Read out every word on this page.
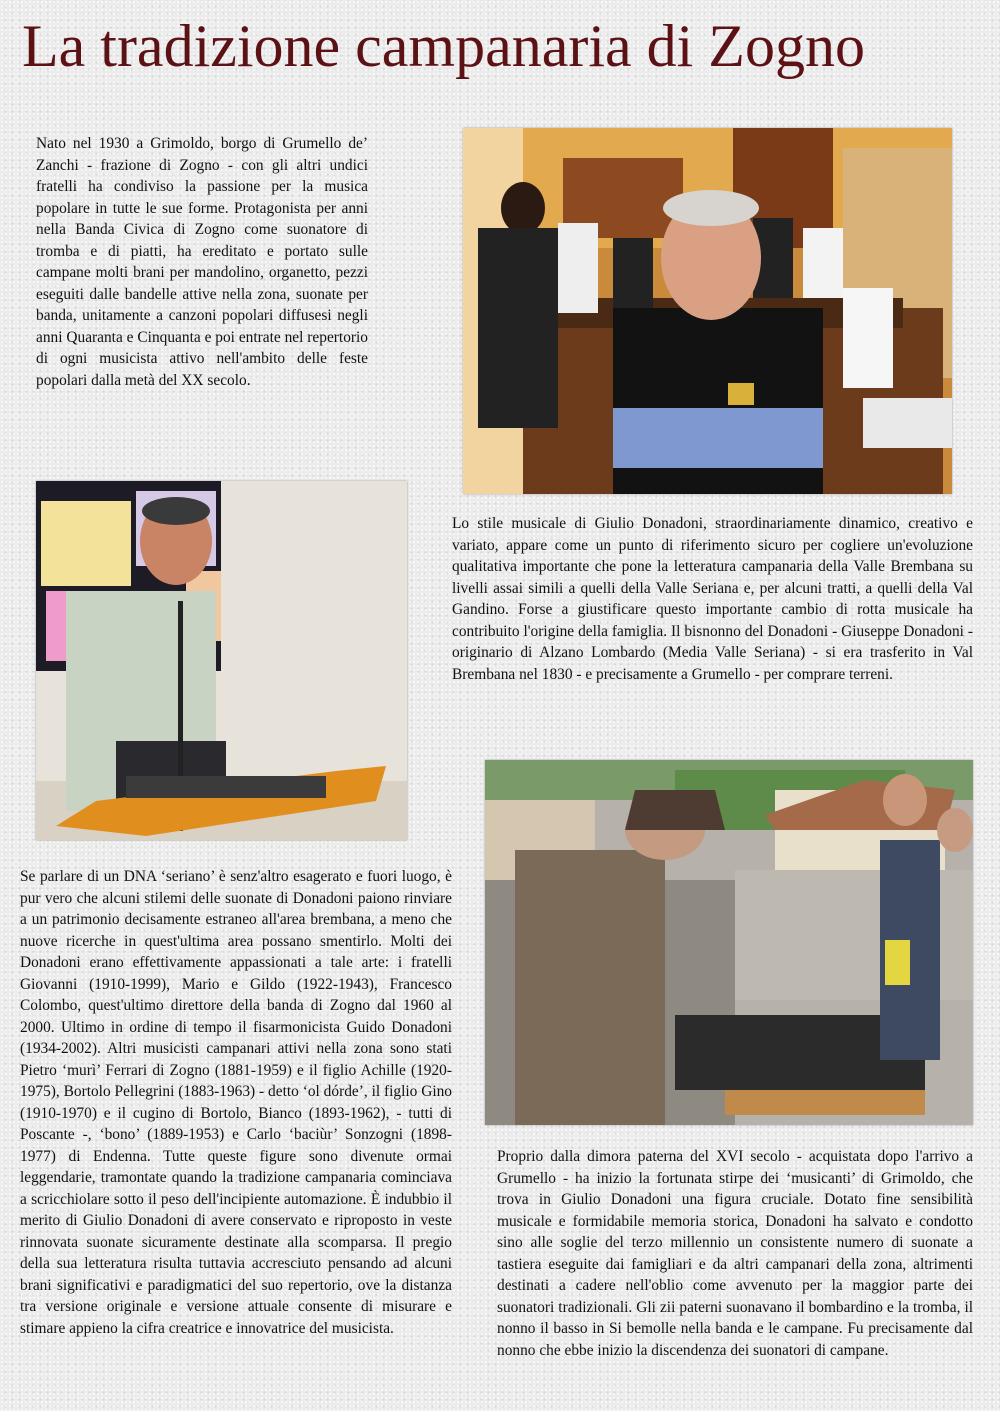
La tradizione campanaria di Zogno
Nato nel 1930 a Grimoldo, borgo di Grumello de’ Zanchi - frazione di Zogno - con gli altri undici fratelli ha condiviso la passione per la musica popolare in tutte le sue forme. Protagonista per anni nella Banda Civica di Zogno come suonatore di tromba e di piatti, ha ereditato e portato sulle campane molti brani per mandolino, organetto, pezzi eseguiti dalle bandelle attive nella zona, suonate per banda, unitamente a canzoni popolari diffusesi negli anni Quaranta e Cinquanta e poi entrate nel repertorio di ogni musicista attivo nell'ambito delle feste popolari dalla metà del XX secolo.
Lo stile musicale di Giulio Donadoni, straordinariamente dinamico, creativo e variato, appare come un punto di riferimento sicuro per cogliere un'evoluzione qualitativa importante che pone la letteratura campanaria della Valle Brembana su livelli assai simili a quelli della Valle Seriana e, per alcuni tratti, a quelli della Val Gandino. Forse a giustificare questo importante cambio di rotta musicale ha contribuito l'origine della famiglia. Il bisnonno del Donadoni - Giuseppe Donadoni - originario di Alzano Lombardo (Media Valle Seriana) - si era trasferito in Val Brembana nel 1830 - e precisamente a Grumello - per comprare terreni.
Se parlare di un DNA ‘seriano’ è senz'altro esagerato e fuori luogo, è pur vero che alcuni stilemi delle suonate di Donadoni paiono rinviare a un patrimonio decisamente estraneo all'area brembana, a meno che nuove ricerche in quest'ultima area possano smentirlo. Molti dei Donadoni erano effettivamente appassionati a tale arte: i fratelli Giovanni (1910-1999), Mario e Gildo (1922-1943), Francesco Colombo, quest'ultimo direttore della banda di Zogno dal 1960 al 2000. Ultimo in ordine di tempo il fisarmonicista Guido Donadoni (1934-2002). Altri musicisti campanari attivi nella zona sono stati Pietro ‘murì’ Ferrari di Zogno (1881-1959) e il figlio Achille (1920-1975), Bortolo Pellegrini (1883-1963) - detto ‘ol dórde’, il figlio Gino (1910-1970) e il cugino di Bortolo, Bianco (1893-1962), - tutti di Poscante -, ‘bono’ (1889-1953) e Carlo ‘baciùr’ Sonzogni (1898-1977) di Endenna. Tutte queste figure sono divenute ormai leggendarie, tramontate quando la tradizione campanaria cominciava a scricchiolare sotto il peso dell'incipiente automazione. È indubbio il merito di Giulio Donadoni di avere conservato e riproposto in veste rinnovata suonate sicuramente destinate alla scomparsa. Il pregio della sua letteratura risulta tuttavia accresciuto pensando ad alcuni brani significativi e paradigmatici del suo repertorio, ove la distanza tra versione originale e versione attuale consente di misurare e stimare appieno la cifra creatrice e innovatrice del musicista.
Proprio dalla dimora paterna del XVI secolo - acquistata dopo l'arrivo a Grumello - ha inizio la fortunata stirpe dei ‘musicanti’ di Grimoldo, che trova in Giulio Donadoni una figura cruciale. Dotato fine sensibilità musicale e formidabile memoria storica, Donadoni ha salvato e condotto sino alle soglie del terzo millennio un consistente numero di suonate a tastiera eseguite dai famigliari e da altri campanari della zona, altrimenti destinati a cadere nell'oblio come avvenuto per la maggior parte dei suonatori tradizionali. Gli zii paterni suonavano il bombardino e la tromba, il nonno il basso in Si bemolle nella banda e le campane. Fu precisamente dal nonno che ebbe inizio la discendenza dei suonatori di campane.
